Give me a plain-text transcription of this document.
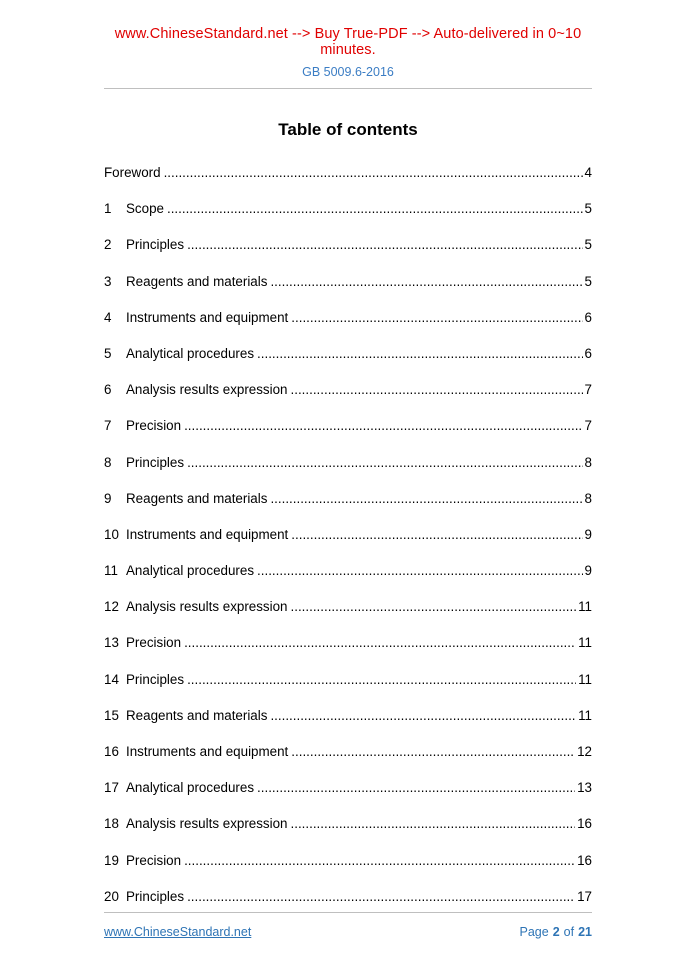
www.ChineseStandard.net --> Buy True-PDF --> Auto-delivered in 0~10 minutes.
GB 5009.6-2016
Table of contents
Foreword .....	4
1	Scope .....	5
2	Principles .....	5
3	Reagents and materials .....	5
4	Instruments and equipment .....	6
5	Analytical procedures .....	6
6	Analysis results expression .....	7
7	Precision .....	7
8	Principles .....	8
9	Reagents and materials .....	8
10 Instruments and equipment .....	9
11 Analytical procedures .....	9
12 Analysis results expression .....	11
13 Precision .....	11
14 Principles .....	11
15 Reagents and materials .....	11
16 Instruments and equipment .....	12
17 Analytical procedures .....	13
18 Analysis results expression .....	16
19 Precision .....	16
20 Principles .....	17
www.ChineseStandard.net	Page 2 of 21
